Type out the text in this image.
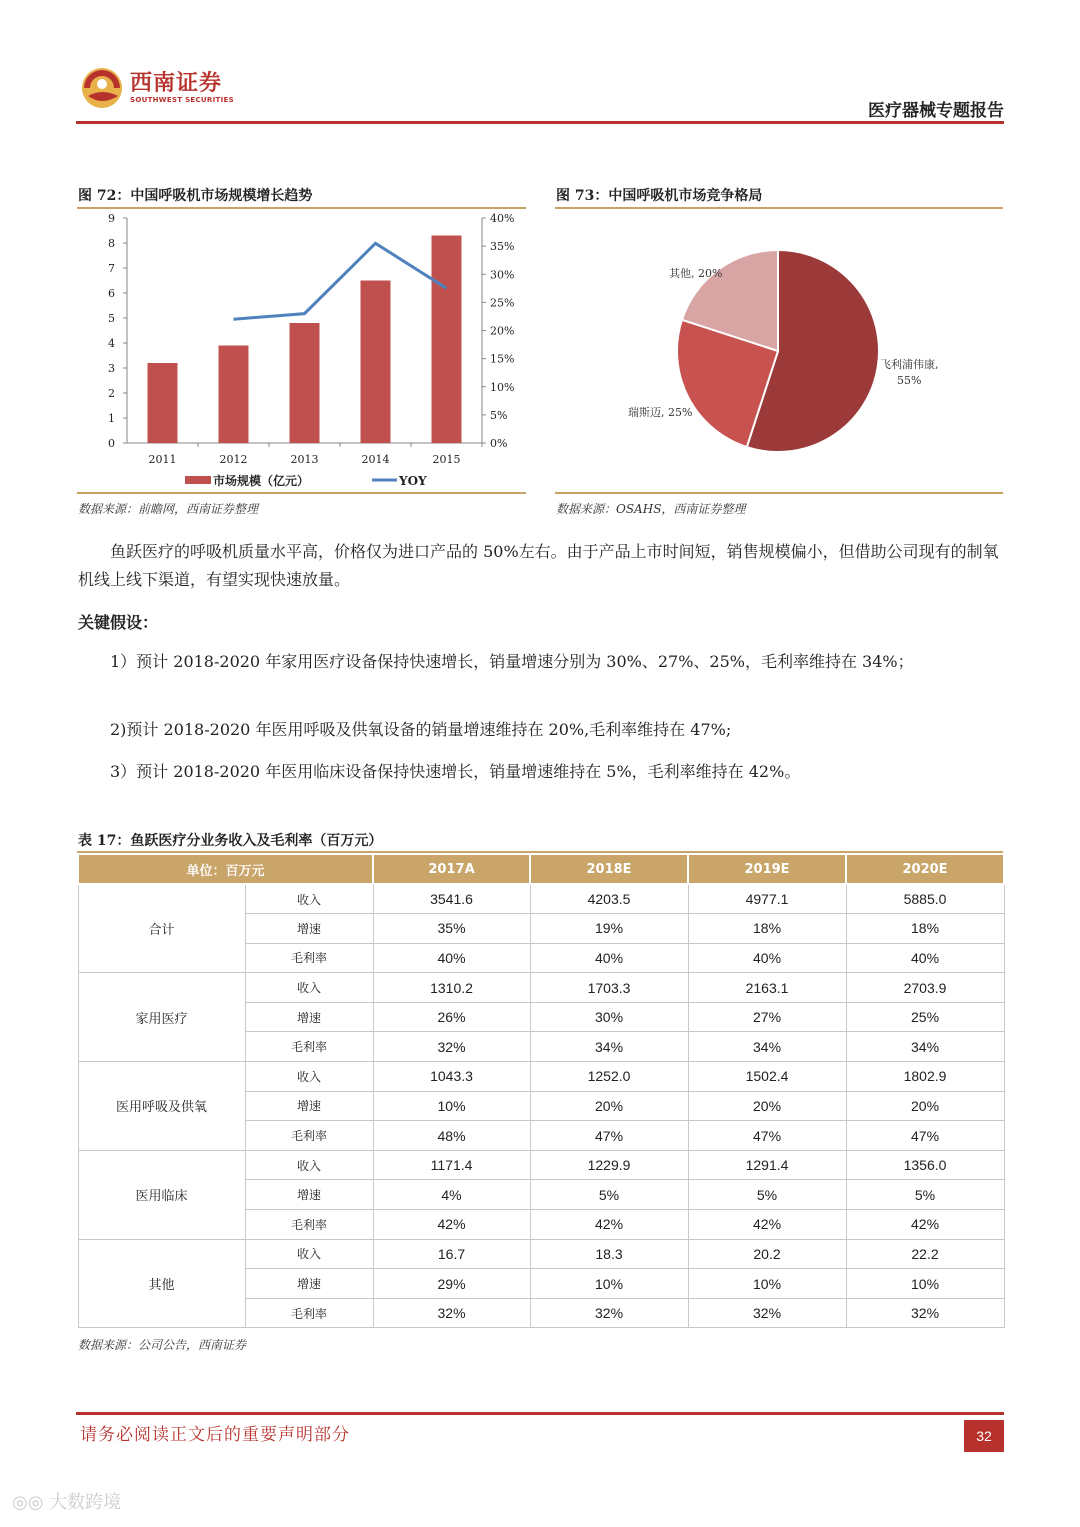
西南证券
SOUTHWEST SECURITIES
医疗器械专题报告
图 72：中国呼吸机市场规模增长趋势
0
1
2
3
4
5
6
7
8
9
0%
5%
10%
15%
20%
25%
30%
35%
40%
2011	2012	2013	2014	2015
市场规模（亿元）	YOY
数据来源：前瞻网，西南证券整理
图 73：中国呼吸机市场竞争格局
飞利浦伟康,
55%
瑞斯迈, 25%
其他, 20%
数据来源：OSAHS，西南证券整理
鱼跃医疗的呼吸机质量水平高，价格仅为进口产品的 50%左右。由于产品上市时间短，销售规模偏小，但借助公司现有的制氧机线上线下渠道，有望实现快速放量。
关键假设：
1）预计 2018-2020 年家用医疗设备保持快速增长，销量增速分别为 30%、27%、25%，毛利率维持在 34%；
2)预计 2018-2020 年医用呼吸及供氧设备的销量增速维持在 20%,毛利率维持在 47%;
3）预计 2018-2020 年医用临床设备保持快速增长，销量增速维持在 5%，毛利率维持在 42%。
表 17：鱼跃医疗分业务收入及毛利率（百万元）
单位：百万元		2017A	2018E	2019E	2020E
合计	收入	3541.6	4203.5	4977.1	5885.0
	增速	35%	19%	18%	18%
	毛利率	40%	40%	40%	40%
家用医疗	收入	1310.2	1703.3	2163.1	2703.9
	增速	26%	30%	27%	25%
	毛利率	32%	34%	34%	34%
医用呼吸及供氧	收入	1043.3	1252.0	1502.4	1802.9
	增速	10%	20%	20%	20%
	毛利率	48%	47%	47%	47%
医用临床	收入	1171.4	1229.9	1291.4	1356.0
	增速	4%	5%	5%	5%
	毛利率	42%	42%	42%	42%
其他	收入	16.7	18.3	20.2	22.2
	增速	29%	10%	10%	10%
	毛利率	32%	32%	32%	32%
数据来源：公司公告，西南证券
请务必阅读正文后的重要声明部分	32
◎◎ 大数跨境
